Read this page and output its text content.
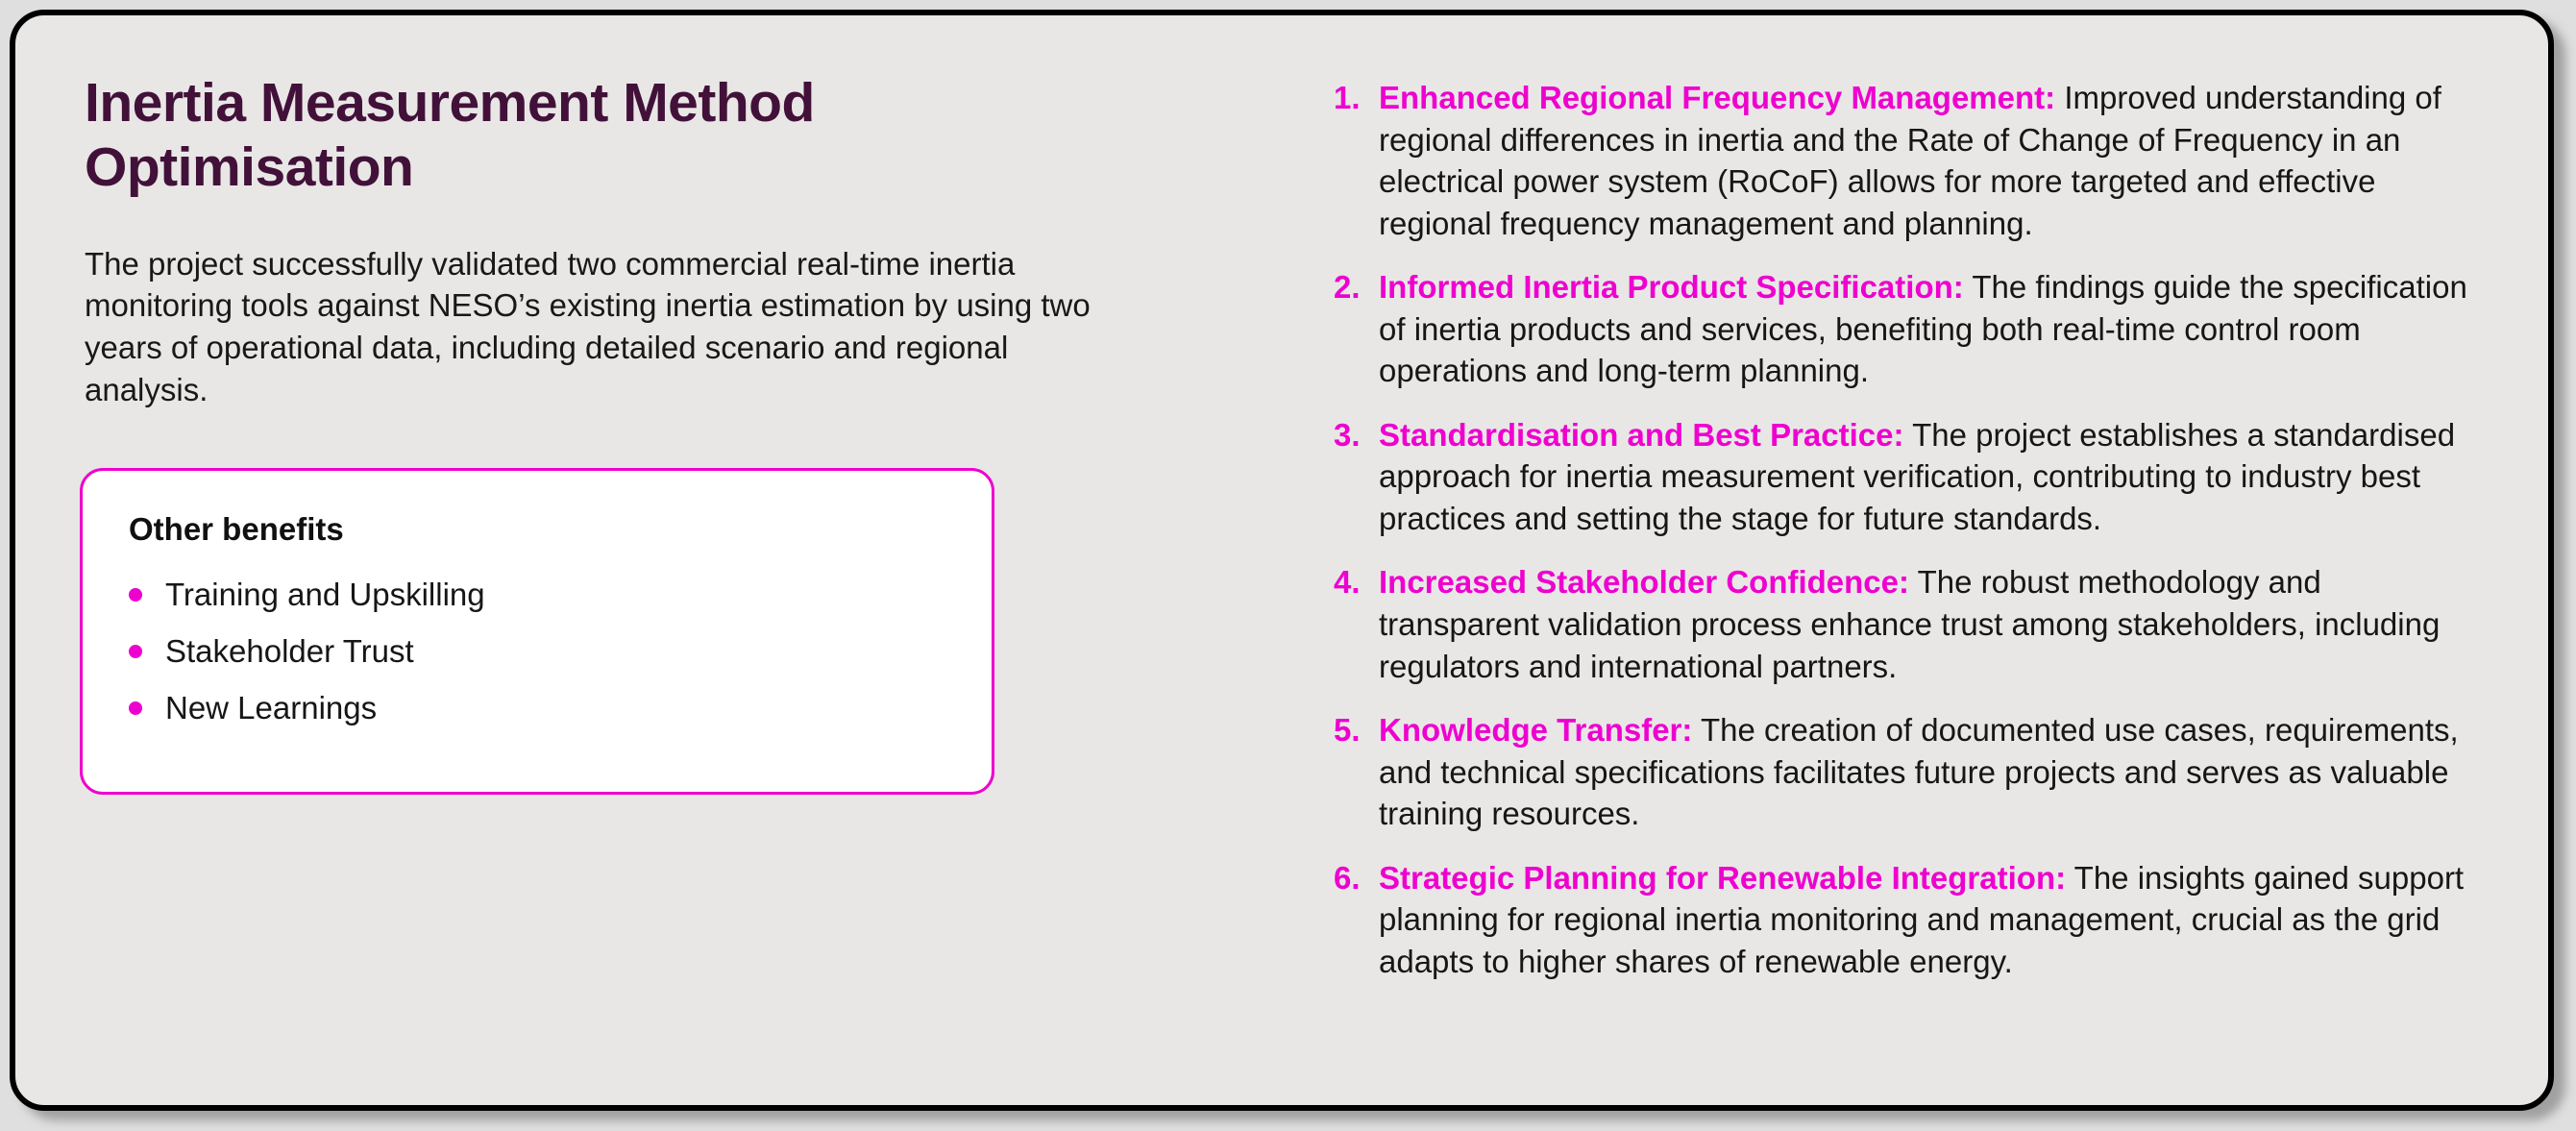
Inertia Measurement Method Optimisation

The project successfully validated two commercial real-time inertia monitoring tools against NESO’s existing inertia estimation by using two years of operational data, including detailed scenario and regional analysis.

Other benefits
Training and Upskilling
Stakeholder Trust
New Learnings
1. Enhanced Regional Frequency Management: Improved understanding of regional differences in inertia and the Rate of Change of Frequency in an electrical power system (RoCoF) allows for more targeted and effective regional frequency management and planning.
2. Informed Inertia Product Specification: The findings guide the specification of inertia products and services, benefiting both real-time control room operations and long-term planning.
3. Standardisation and Best Practice: The project establishes a standardised approach for inertia measurement verification, contributing to industry best practices and setting the stage for future standards.
4. Increased Stakeholder Confidence: The robust methodology and transparent validation process enhance trust among stakeholders, including regulators and international partners.
5. Knowledge Transfer: The creation of documented use cases, requirements, and technical specifications facilitates future projects and serves as valuable training resources.
6. Strategic Planning for Renewable Integration: The insights gained support planning for regional inertia monitoring and management, crucial as the grid adapts to higher shares of renewable energy.
